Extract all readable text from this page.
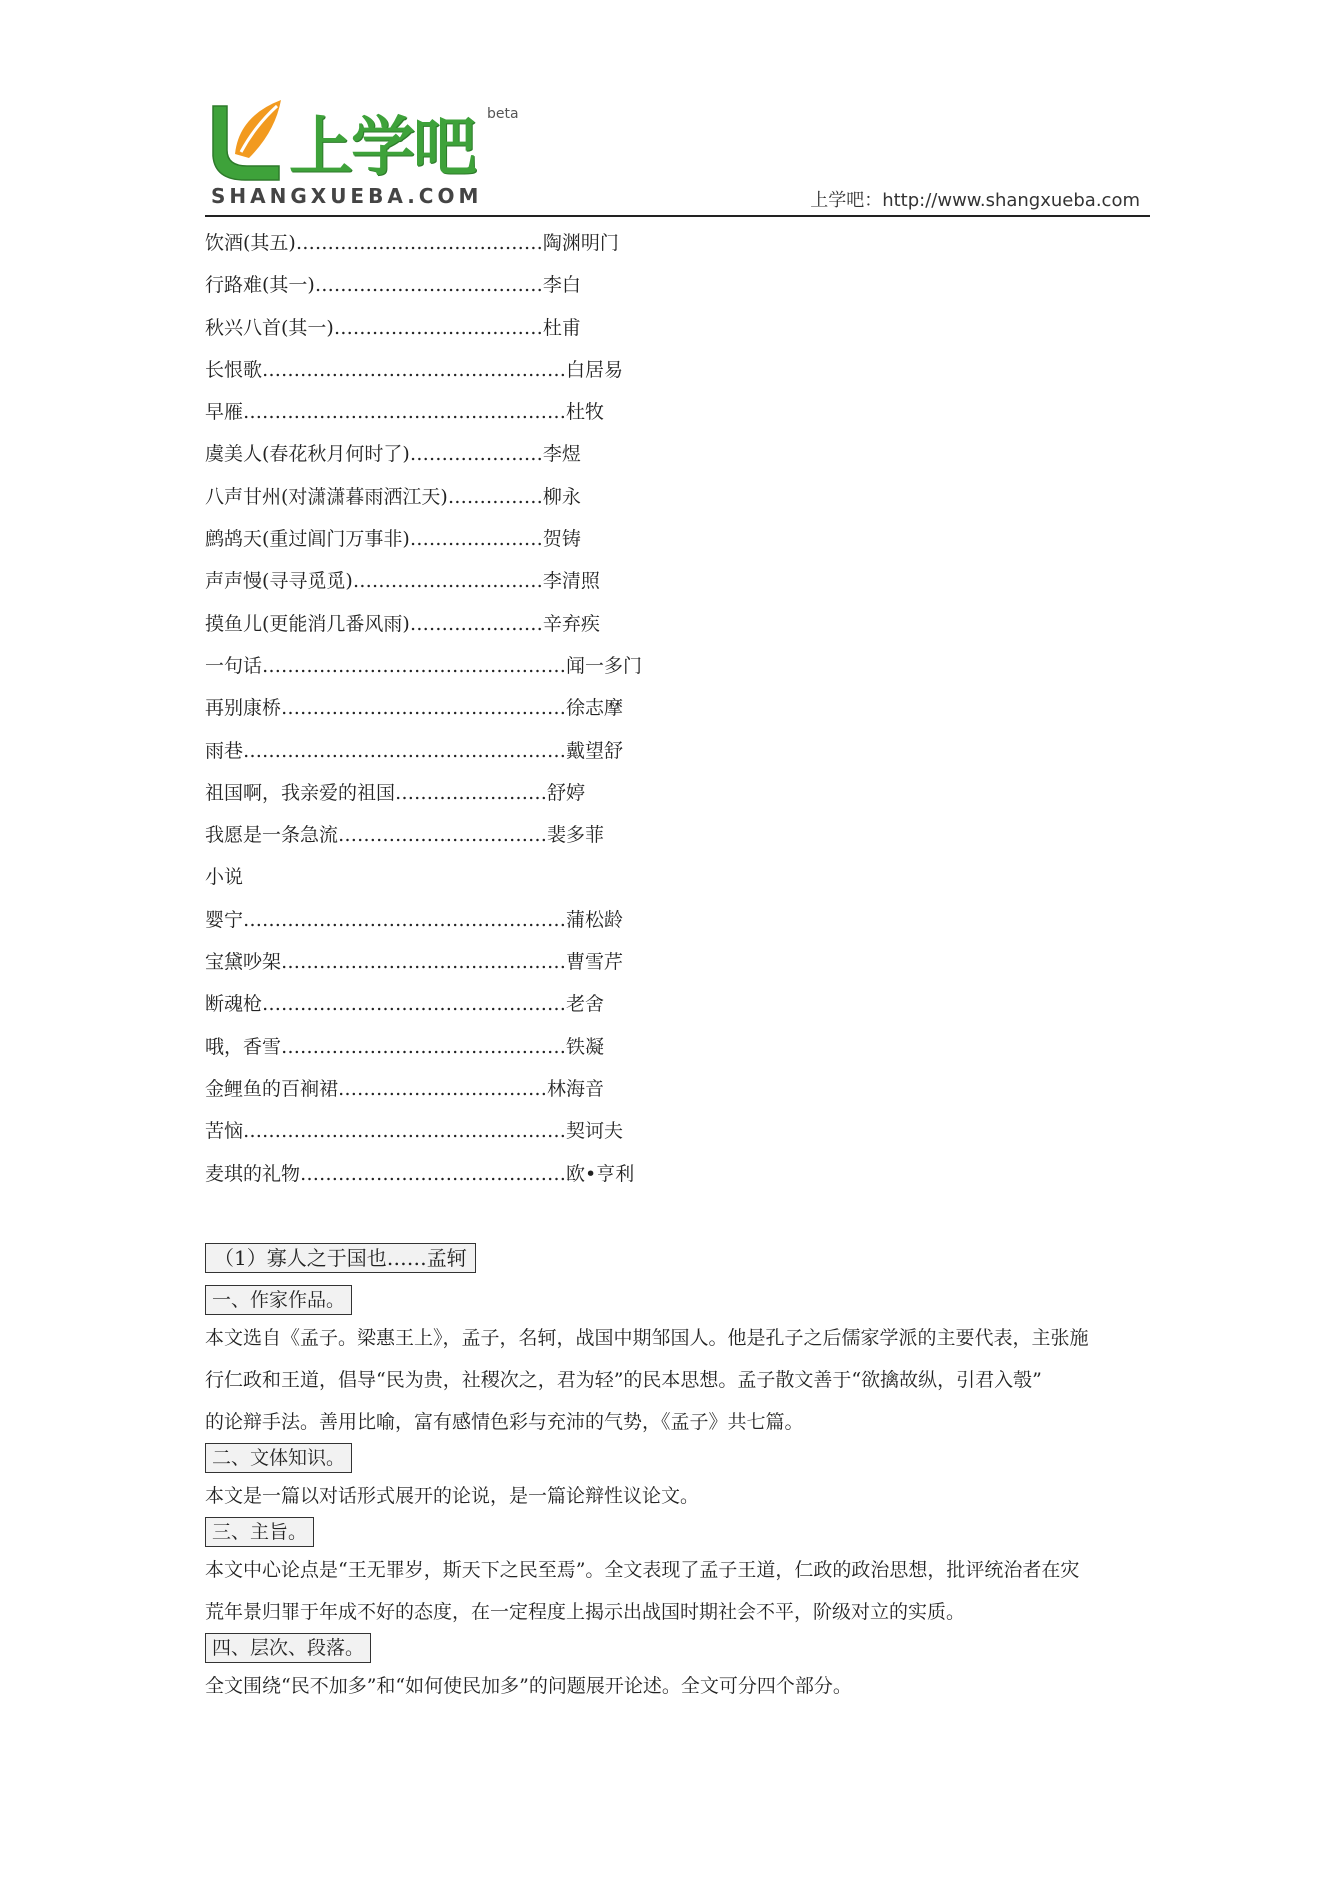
上学吧 beta
SHANGXUEBA.COM	上学吧：http://www.shangxueba.com
饮酒(其五)…………………………………陶渊明门
行路难(其一)………………………………李白
秋兴八首(其一)……………………………杜甫
长恨歌…………………………………………白居易
早雁……………………………………………杜牧
虞美人(春花秋月何时了)…………………李煜
八声甘州(对潇潇暮雨洒江天)……………柳永
鹧鸪天(重过阊门万事非)…………………贺铸
声声慢(寻寻觅觅)…………………………李清照
摸鱼儿(更能消几番风雨)…………………辛弃疾
一句话…………………………………………闻一多门
再别康桥………………………………………徐志摩
雨巷……………………………………………戴望舒
祖国啊，我亲爱的祖国……………………舒婷
我愿是一条急流……………………………裴多菲
小说
婴宁……………………………………………蒲松龄
宝黛吵架………………………………………曹雪芹
断魂枪…………………………………………老舍
哦，香雪………………………………………铁凝
金鲤鱼的百裥裙……………………………林海音
苦恼……………………………………………契诃夫
麦琪的礼物……………………………………欧•亨利
（1）寡人之于国也……孟轲
一、作家作品。

本文选自《孟子。梁惠王上》，孟子，名轲，战国中期邹国人。他是孔子之后儒家学派的主要代表，主张施

行仁政和王道，倡导“民为贵，社稷次之，君为轻”的民本思想。孟子散文善于“欲擒故纵，引君入彀”

的论辩手法。善用比喻，富有感情色彩与充沛的气势，《孟子》共七篇。

二、文体知识。

本文是一篇以对话形式展开的论说，是一篇论辩性议论文。

三、主旨。

本文中心论点是“王无罪岁，斯天下之民至焉”。全文表现了孟子王道，仁政的政治思想，批评统治者在灾

荒年景归罪于年成不好的态度，在一定程度上揭示出战国时期社会不平，阶级对立的实质。

四、层次、段落。

全文围绕“民不加多”和“如何使民加多”的问题展开论述。全文可分四个部分。
